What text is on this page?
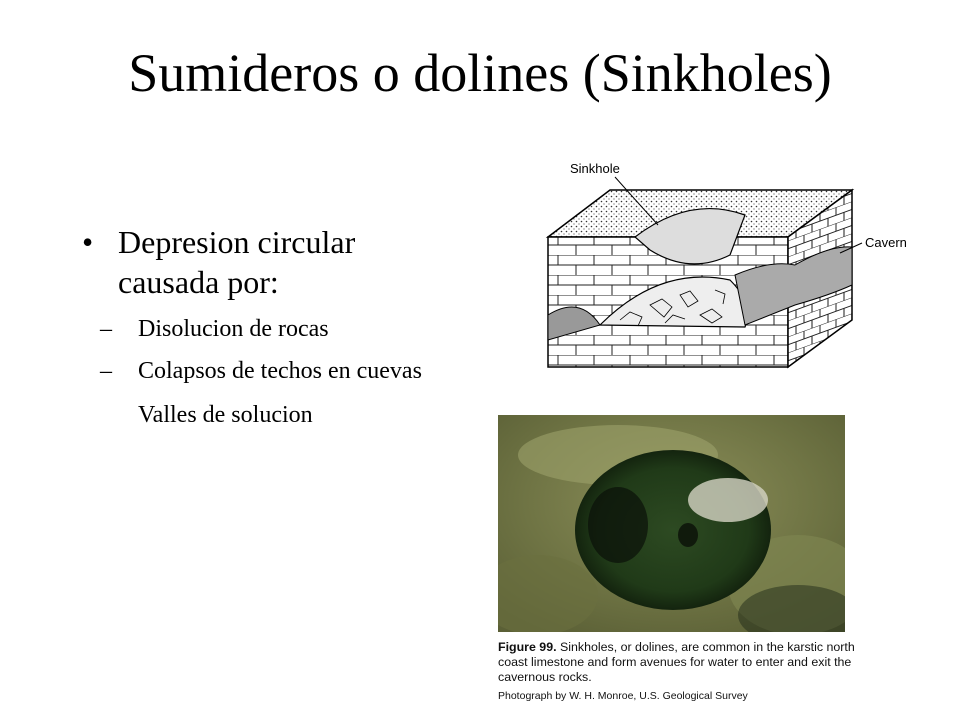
Sumideros o dolines (Sinkholes)
• Depresion circular causada por:
– Disolucion de rocas
– Colapsos de techos en cuevas
Valles de solucion
Sinkhole
Cavern
Figure 99. Sinkholes, or dolines, are common in the karstic north coast limestone and form avenues for water to enter and exit the cavernous rocks.
Photograph by W. H. Monroe, U.S. Geological Survey
